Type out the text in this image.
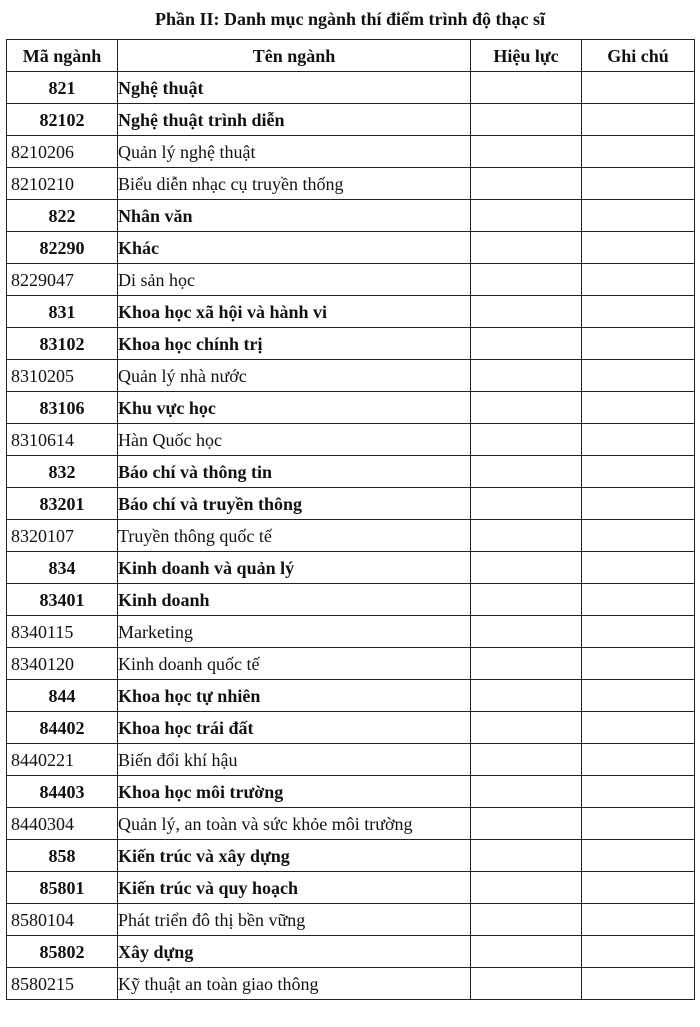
Phần II: Danh mục ngành thí điểm trình độ thạc sĩ
Mã ngành	Tên ngành	Hiệu lực	Ghi chú
821	Nghệ thuật		
82102	Nghệ thuật trình diễn		
8210206	Quản lý nghệ thuật		
8210210	Biểu diễn nhạc cụ truyền thống		
822	Nhân văn		
82290	Khác		
8229047	Di sản học		
831	Khoa học xã hội và hành vi		
83102	Khoa học chính trị		
8310205	Quản lý nhà nước		
83106	Khu vực học		
8310614	Hàn Quốc học		
832	Báo chí và thông tin		
83201	Báo chí và truyền thông		
8320107	Truyền thông quốc tế		
834	Kinh doanh và quản lý		
83401	Kinh doanh		
8340115	Marketing		
8340120	Kinh doanh quốc tế		
844	Khoa học tự nhiên		
84402	Khoa học trái đất		
8440221	Biến đổi khí hậu		
84403	Khoa học môi trường		
8440304	Quản lý, an toàn và sức khỏe môi trường		
858	Kiến trúc và xây dựng		
85801	Kiến trúc và quy hoạch		
8580104	Phát triển đô thị bền vững		
85802	Xây dựng		
8580215	Kỹ thuật an toàn giao thông		
